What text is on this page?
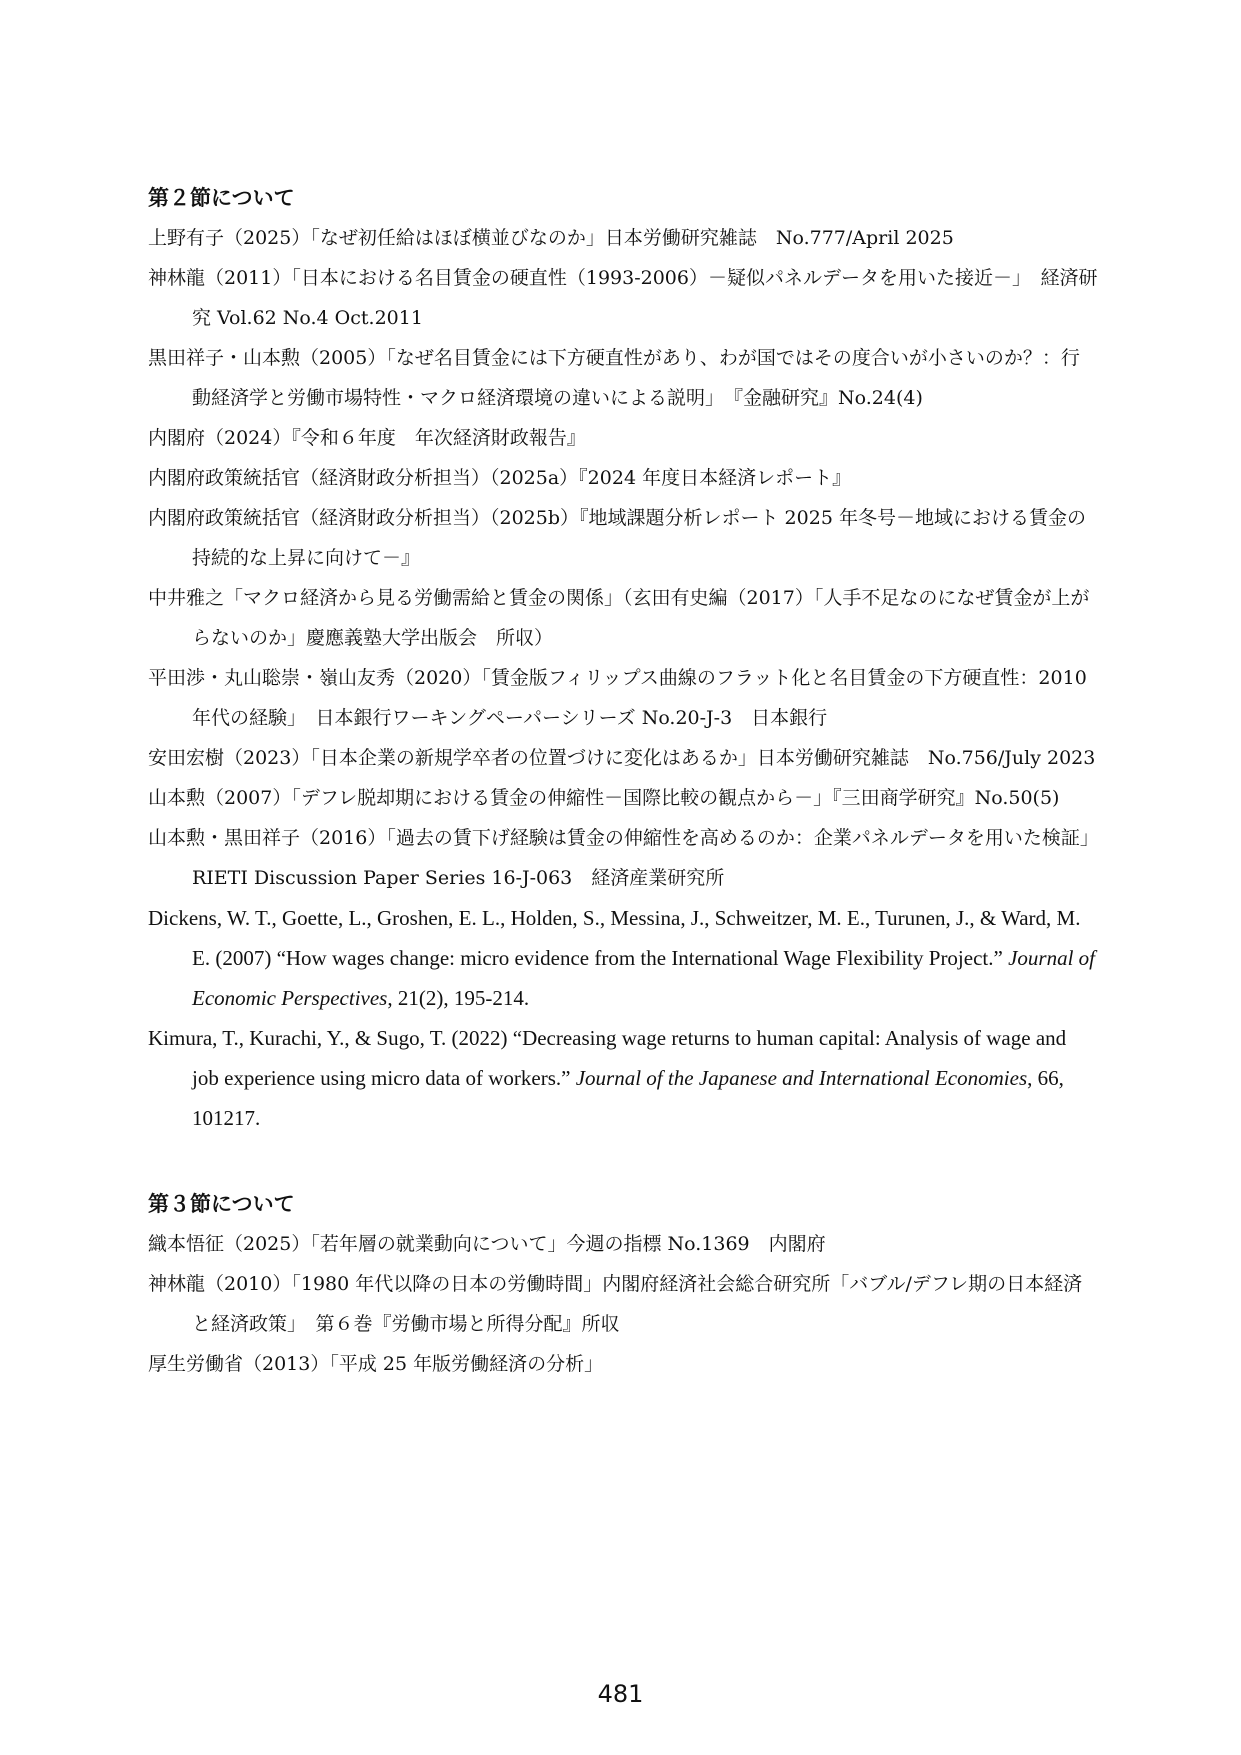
第２節について

上野有子（2025）「なぜ初任給はほぼ横並びなのか」日本労働研究雑誌　No.777/April 2025

神林龍（2011）「日本における名目賃金の硬直性（1993-2006）－疑似パネルデータを用いた接近－」　経済研究 Vol.62 No.4 Oct.2011

黒田祥子・山本勲（2005）「なぜ名目賃金には下方硬直性があり、わが国ではその度合いが小さいのか？：行動経済学と労働市場特性・マクロ経済環境の違いによる説明」　『金融研究』No.24(4)

内閣府（2024）『令和６年度　年次経済財政報告』

内閣府政策統括官（経済財政分析担当）（2025a）『2024 年度日本経済レポート』

内閣府政策統括官（経済財政分析担当）（2025b）『地域課題分析レポート 2025 年冬号－地域における賃金の持続的な上昇に向けて－』

中井雅之「マクロ経済から見る労働需給と賃金の関係」（玄田有史編（2017）「人手不足なのになぜ賃金が上がらないのか」慶應義塾大学出版会　所収）

平田渉・丸山聡崇・嶺山友秀（2020）「賃金版フィリップス曲線のフラット化と名目賃金の下方硬直性：2010 年代の経験」　日本銀行ワーキングペーパーシリーズ No.20-J-3　日本銀行

安田宏樹（2023）「日本企業の新規学卒者の位置づけに変化はあるか」日本労働研究雑誌　No.756/July 2023

山本勲（2007）「デフレ脱却期における賃金の伸縮性－国際比較の観点から－」『三田商学研究』No.50(5)

山本勲・黒田祥子（2016）「過去の賃下げ経験は賃金の伸縮性を高めるのか：企業パネルデータを用いた検証」RIETI Discussion Paper Series 16-J-063　経済産業研究所

Dickens, W. T., Goette, L., Groshen, E. L., Holden, S., Messina, J., Schweitzer, M. E., Turunen, J., & Ward, M. E. (2007) “How wages change: micro evidence from the International Wage Flexibility Project.” Journal of Economic Perspectives, 21(2), 195-214.

Kimura, T., Kurachi, Y., & Sugo, T. (2022) “Decreasing wage returns to human capital: Analysis of wage and job experience using micro data of workers.” Journal of the Japanese and International Economies, 66, 101217.

第３節について

織本悟征（2025）「若年層の就業動向について」今週の指標 No.1369　内閣府

神林龍（2010）「1980 年代以降の日本の労働時間」内閣府経済社会総合研究所「バブル/デフレ期の日本経済と経済政策」　第６巻『労働市場と所得分配』所収

厚生労働省（2013）「平成 25 年版労働経済の分析」

481
